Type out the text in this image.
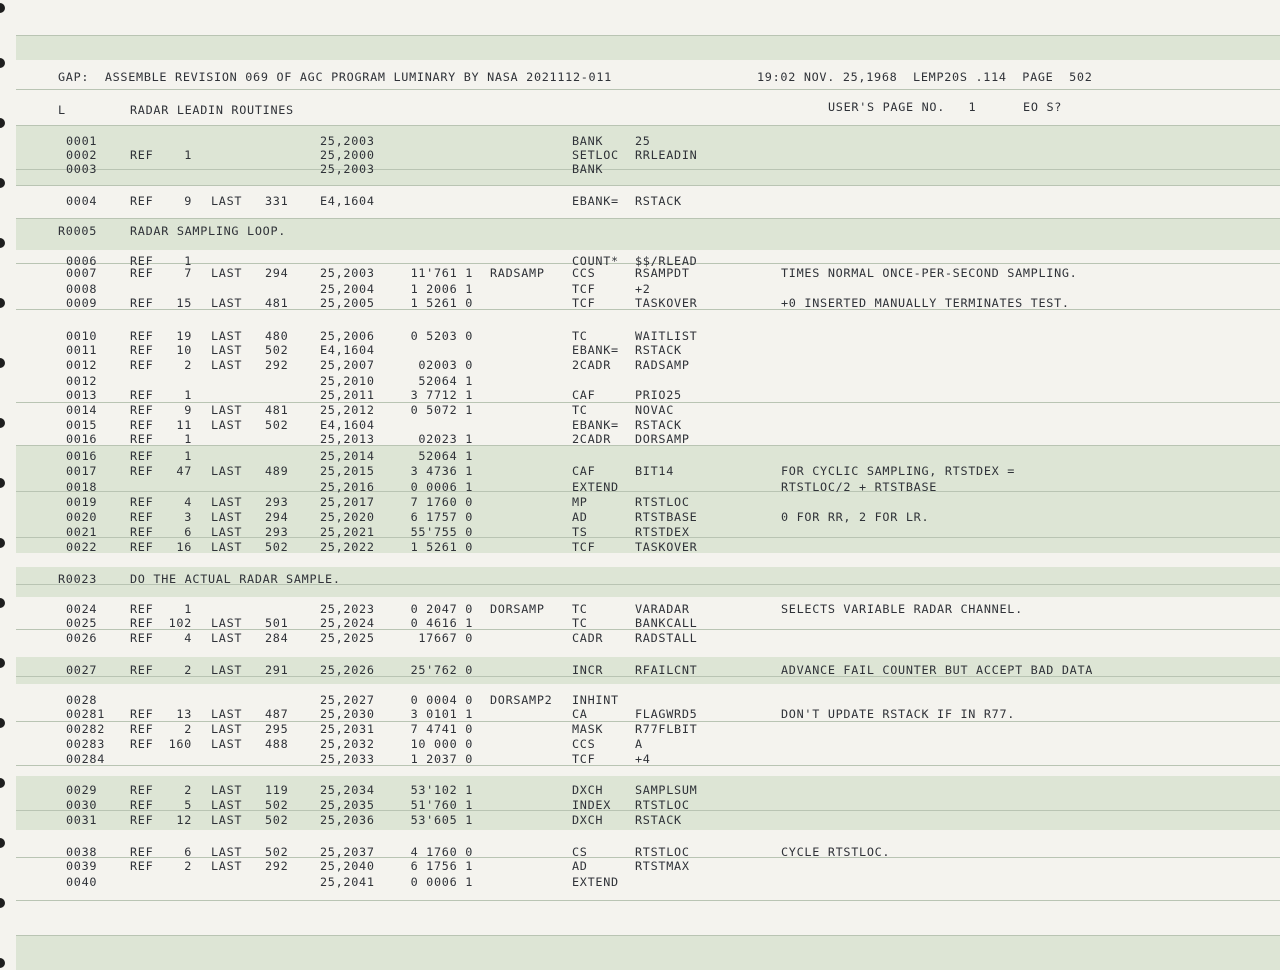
GAP:  ASSEMBLE REVISION 069 OF AGC PROGRAM LUMINARY BY NASA 2021112-011	19:02 NOV. 25,1968  LEMP20S .114  PAGE  502
L	RADAR LEADIN ROUTINES	USER'S PAGE NO.   1      EO S?
0001	25,2003	BANK	25
0002	REF	1	25,2000	SETLOC RRLEADIN
0003	25,2003	BANK
0004	REF	9 LAST 331	E4,1604	EBANK= RSTACK
R0005	RADAR SAMPLING LOOP.
0006	REF	1	COUNT* $$/RLEAD
0007	REF	7 LAST 294	25,2003	11'761 1 RADSAMP CCS	RSAMPDT	TIMES NORMAL ONCE-PER-SECOND SAMPLING.
0008	25,2004	1 2006 1	TCF	+2
0009	REF 15 LAST 481	25,2005	1 5261 0	TCF	TASKOVER	+0 INSERTED MANUALLY TERMINATES TEST.
0010	REF 19 LAST 480	25,2006	0 5203 0	TC	WAITLIST
0011	REF 10 LAST 502	E4,1604	EBANK= RSTACK
0012	REF	2 LAST 292	25,2007	02003 0	2CADR RADSAMP
0012	25,2010	52064 1
0013	REF	1	25,2011	3 7712 1	CAF	PRIO25
0014	REF	9 LAST 481	25,2012	0 5072 1	TC	NOVAC
0015	REF 11 LAST 502	E4,1604	EBANK= RSTACK
0016	REF	1	25,2013	02023 1	2CADR DORSAMP
0016	REF	1	25,2014	52064 1
0017	REF 47 LAST 489	25,2015	3 4736 1	CAF	BIT14	FOR CYCLIC SAMPLING, RTSTDEX =
0018	25,2016	0 0006 1	EXTEND	RTSTLOC/2 + RTSTBASE
0019	REF	4 LAST 293	25,2017	7 1760 0	MP	RTSTLOC
0020	REF	3 LAST 294	25,2020	6 1757 0	AD	RTSTBASE	0 FOR RR, 2 FOR LR.
0021	REF	6 LAST 293	25,2021	55'755 0	TS	RTSTDEX
0022	REF 16 LAST 502	25,2022	1 5261 0	TCF	TASKOVER
R0023	DO THE ACTUAL RADAR SAMPLE.
0024	REF	1	25,2023	0 2047 0 DORSAMP TC	VARADAR	SELECTS VARIABLE RADAR CHANNEL.
0025	REF 102 LAST 501	25,2024	0 4616 1	TC	BANKCALL
0026	REF	4 LAST 284	25,2025	17667 0	CADR	RADSTALL
0027	REF	2 LAST 291	25,2026	25'762 0	INCR	RFAILCNT	ADVANCE FAIL COUNTER BUT ACCEPT BAD DATA
0028	25,2027	0 0004 0 DORSAMP2 INHINT
00281 REF 13 LAST 487	25,2030	3 0101 1	CA	FLAGWRD5	DON'T UPDATE RSTACK IF IN R77.
00282 REF	2 LAST 295	25,2031	7 4741 0	MASK	R77FLBIT
00283 REF 160 LAST 488	25,2032	10 000 0	CCS	A
00284	25,2033	1 2037 0	TCF	+4
0029	REF	2 LAST 119	25,2034	53'102 1	DXCH	SAMPLSUM
0030	REF	5 LAST 502	25,2035	51'760 1	INDEX RTSTLOC
0031	REF 12 LAST 502	25,2036	53'605 1	DXCH	RSTACK
0038	REF	6 LAST 502	25,2037	4 1760 0	CS	RTSTLOC	CYCLE RTSTLOC.
0039	REF	2 LAST 292	25,2040	6 1756 1	AD	RTSTMAX
0040	25,2041	0 0006 1	EXTEND
